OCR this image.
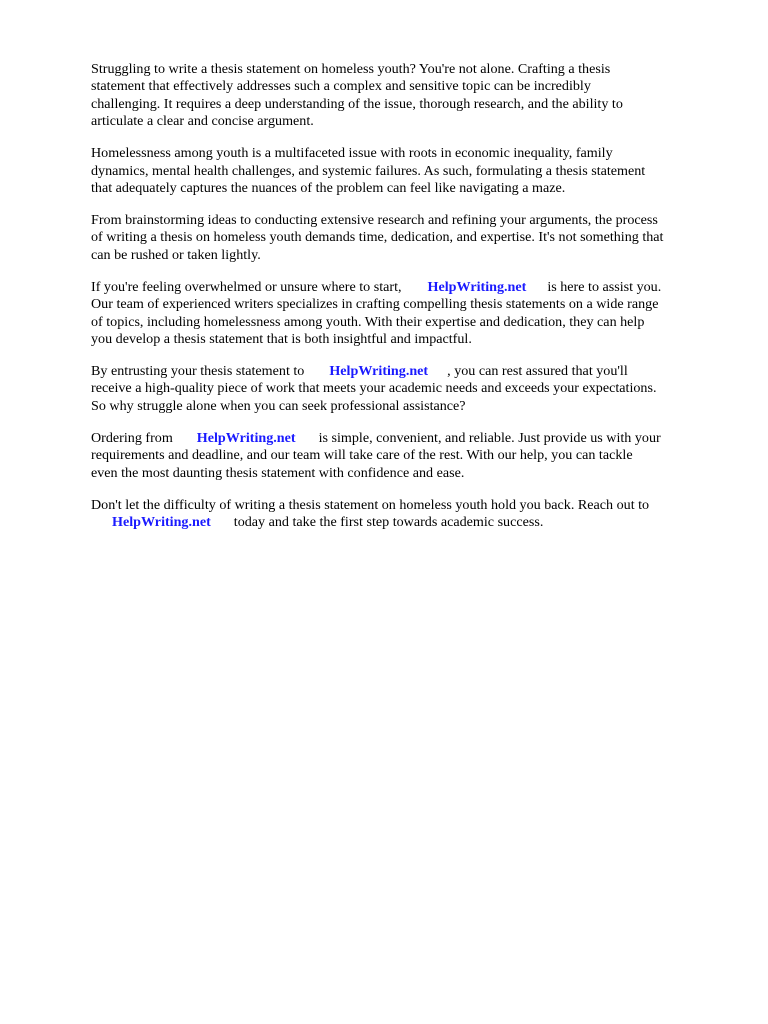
Struggling to write a thesis statement on homeless youth? You're not alone. Crafting a thesis
statement that effectively addresses such a complex and sensitive topic can be incredibly
challenging. It requires a deep understanding of the issue, thorough research, and the ability to
articulate a clear and concise argument.

Homelessness among youth is a multifaceted issue with roots in economic inequality, family
dynamics, mental health challenges, and systemic failures. As such, formulating a thesis statement
that adequately captures the nuances of the problem can feel like navigating a maze.

From brainstorming ideas to conducting extensive research and refining your arguments, the process
of writing a thesis on homeless youth demands time, dedication, and expertise. It's not something that
can be rushed or taken lightly.

If you're feeling overwhelmed or unsure where to start, HelpWriting.net is here to assist you.
Our team of experienced writers specializes in crafting compelling thesis statements on a wide range
of topics, including homelessness among youth. With their expertise and dedication, they can help
you develop a thesis statement that is both insightful and impactful.

By entrusting your thesis statement to HelpWriting.net , you can rest assured that you'll
receive a high-quality piece of work that meets your academic needs and exceeds your expectations.
So why struggle alone when you can seek professional assistance?

Ordering from HelpWriting.net is simple, convenient, and reliable. Just provide us with your
requirements and deadline, and our team will take care of the rest. With our help, you can tackle
even the most daunting thesis statement with confidence and ease.

Don't let the difficulty of writing a thesis statement on homeless youth hold you back. Reach out to
HelpWriting.net today and take the first step towards academic success.
